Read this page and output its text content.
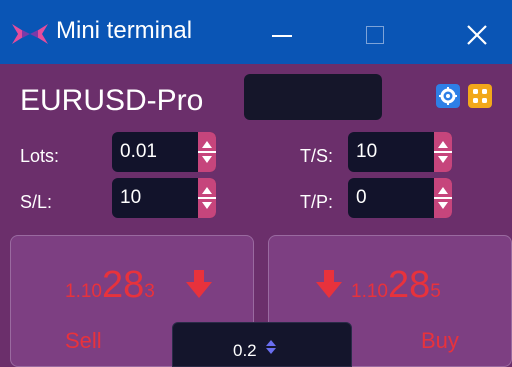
Mini terminal
EURUSD-Pro
Lots:	0.01	T/S: 10
S/L:	10	T/P: 0
1.10283
Sell
1.10285
Buy
0.2
